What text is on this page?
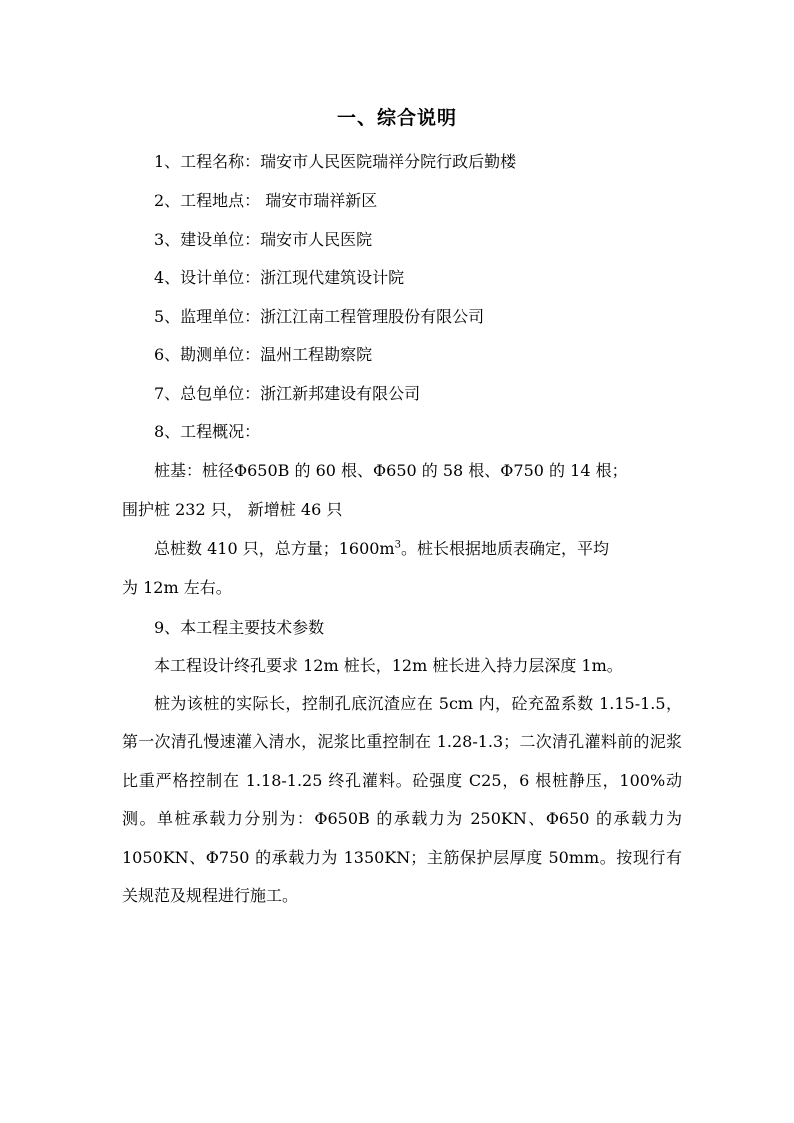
一、综合说明
1、工程名称：瑞安市人民医院瑞祥分院行政后勤楼
2、工程地点： 瑞安市瑞祥新区
3、建设单位：瑞安市人民医院
4、设计单位：浙江现代建筑设计院
5、监理单位：浙江江南工程管理股份有限公司
6、勘测单位：温州工程勘察院
7、总包单位：浙江新邦建设有限公司
8、工程概况：
桩基：桩径Φ650B 的 60 根、Φ650 的 58 根、Φ750 的 14 根；
围护桩 232 只， 新增桩 46 只
总桩数 410 只，总方量；$1600m^3$。桩长根据地质表确定，平均
为 12m 左右。
9、本工程主要技术参数
本工程设计终孔要求 12m 桩长，12m 桩长进入持力层深度 1m。
桩为该桩的实际长，控制孔底沉渣应在 5cm 内，砼充盈系数 1.15-1.5，第一次清孔慢速灌入清水，泥浆比重控制在 1.28-1.3；二次清孔灌料前的泥浆比重严格控制在 1.18-1.25 终孔灌料。砼强度 C25，6 根桩静压，100%动测。单桩承载力分别为：Φ650B 的承载力为 250KN、Φ650 的承载力为 1050KN、Φ750 的承载力为 1350KN；主筋保护层厚度 50mm。按现行有关规范及规程进行施工。
